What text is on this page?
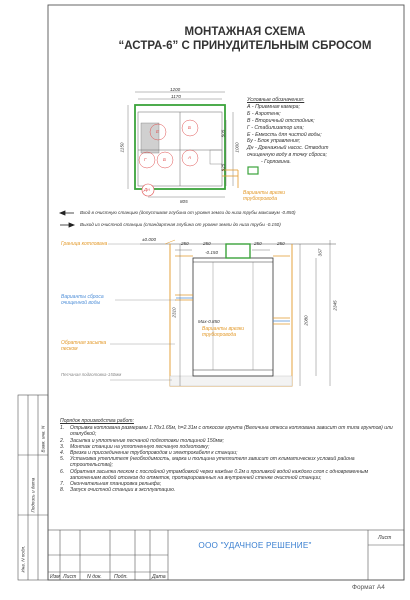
МОНТАЖНАЯ СХЕМА
“АСТРА-6” С ПРИНУДИТЕЛЬНЫМ СБРОСОМ
1200
1170
1150	1000
505
525
805
Г	Б
Е
Б
А
Дн
Условные обозначения:
А - Приемная камера;
Б - Аэротенк;
В - Вторичный отстойник;
Г - Стабилизатор ила;
Е - Емкость для чистой воды;
Бу - Блок управления;
Дн - Дренажный насос. Отводит
очищенную воду в точку сброса;
- Горловина.
Варианты врезки трубопровода
Вход в очистную станцию (допустимая глубина от уровня земли до низа трубы максимум -0.850)
Выход из очистной станции (стандартная глубина от уровня земли до низа трубы -0.150)
Граница котлована
±0.000
250	250
-0.150
250	250
Max-0.850
Варианты врезки трубопровода
Варианты сброса очищенной воды
Обратная засыпка песком
Песчаная подготовка-150мм
2310
2080
2345
367
Порядок производства работ:
1.	Отрывка котлована размерами 1.70х1.65м, h=2.31м с откосом грунта (Величина откоса котлована зависит от типа грунтов) или опалубкой;
2.	Засыпка и уплотнение песчаной подготовки толщиной 150мм;
3.	Монтаж станции на уплотненную песчаную подготовку;
4.	Врезка и присоединение трубопроводов и электрокабеля к станции;
5.	Установка утеплителя (необходимость, марка и толщина утеплителя зависит от климатических условий района строительства);
6.	Обратная засыпка песком с послойной утрамбовкой через каждые 0.2м и проливкой водой каждого слоя с одновременным заполнением водой отсеков до отметок, протарированных на внутренней стенке очистной станции;
7.	Окончательная планировка рельефа;
8.	Запуск очистной станции в эксплуатацию.
ООО "УДАЧНОЕ РЕШЕНИЕ"
Изм Лист N док. Подп.	Дата
Лист
Формат А4
Инв. N подл.
Подпись и дата
Взам. инв. N
